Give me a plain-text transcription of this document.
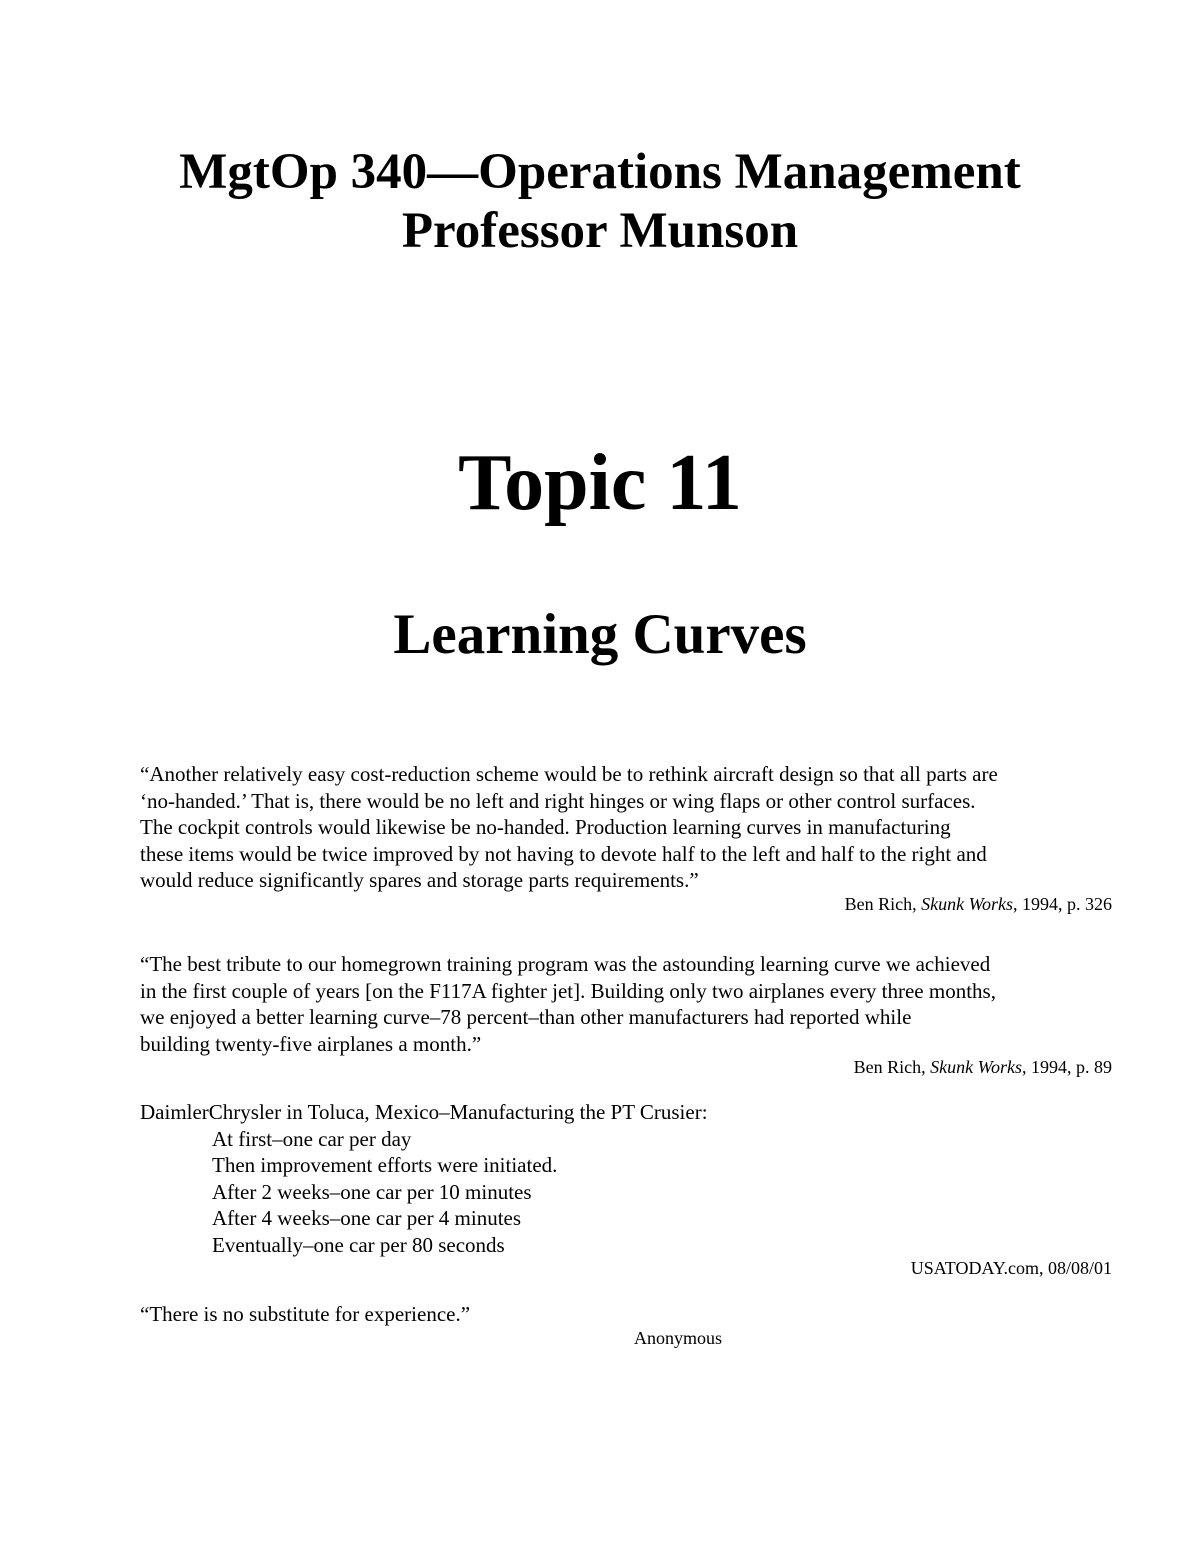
MgtOp 340—Operations Management
Professor Munson
Topic 11
Learning Curves

“Another relatively easy cost-reduction scheme would be to rethink aircraft design so that all parts are
‘no-handed.’ That is, there would be no left and right hinges or wing flaps or other control surfaces.
The cockpit controls would likewise be no-handed. Production learning curves in manufacturing
these items would be twice improved by not having to devote half to the left and half to the right and
would reduce significantly spares and storage parts requirements.”

Ben Rich, Skunk Works, 1994, p. 326

“The best tribute to our homegrown training program was the astounding learning curve we achieved
in the first couple of years [on the F117A fighter jet]. Building only two airplanes every three months,
we enjoyed a better learning curve–78 percent–than other manufacturers had reported while
building twenty-five airplanes a month.”

Ben Rich, Skunk Works, 1994, p. 89
DaimlerChrysler in Toluca, Mexico–Manufacturing the PT Crusier:
At first–one car per day
Then improvement efforts were initiated.
After 2 weeks–one car per 10 minutes
After 4 weeks–one car per 4 minutes
Eventually–one car per 80 seconds
USATODAY.com, 08/08/01

“There is no substitute for experience.”

Anonymous
